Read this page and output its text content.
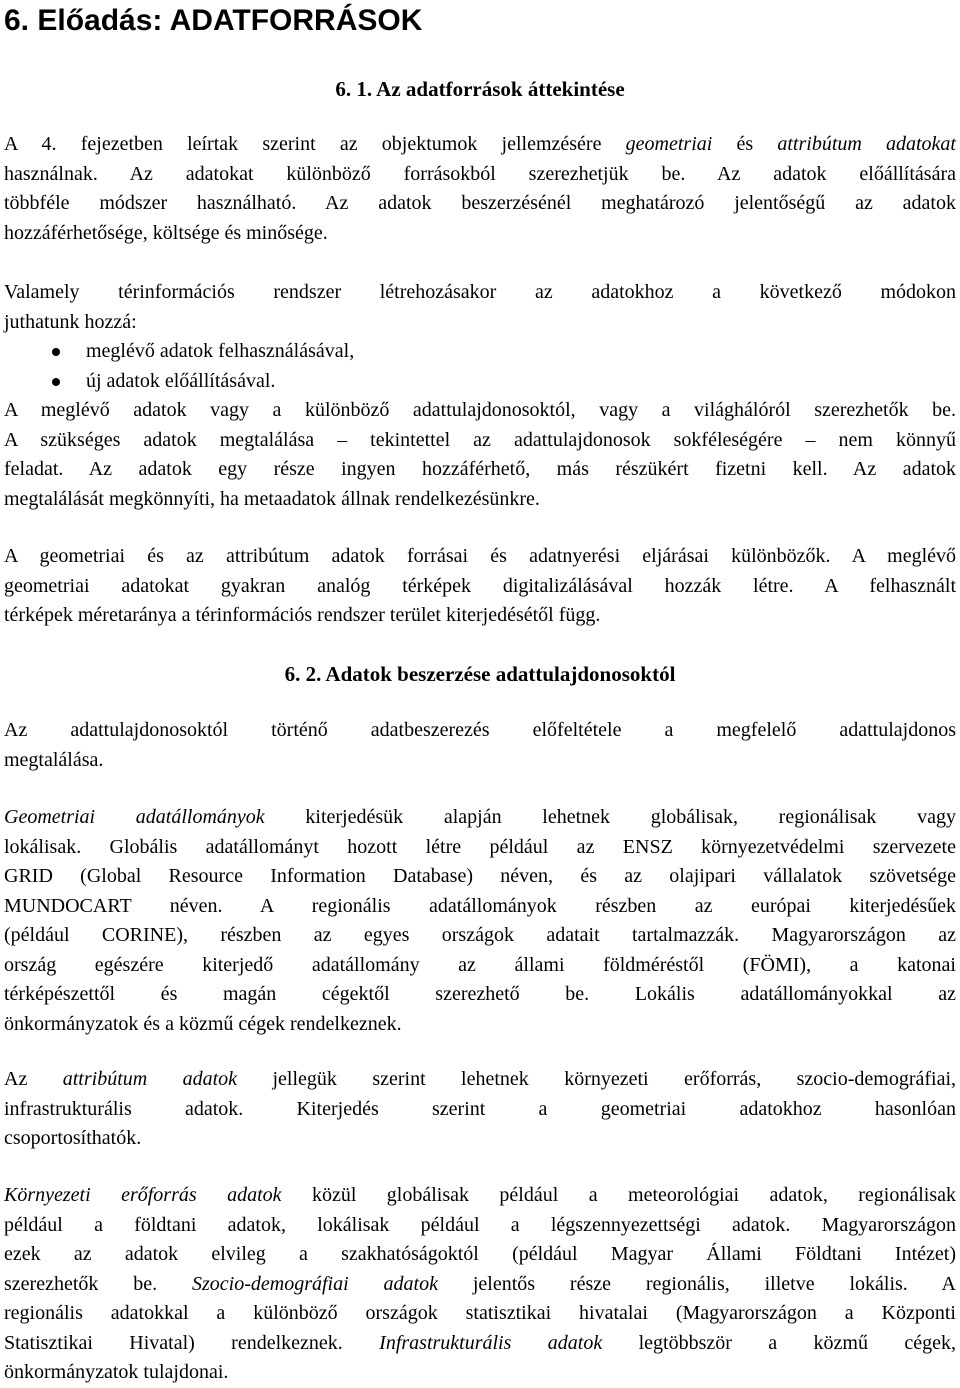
6. Előadás: ADATFORRÁSOK
6. 1. Az adatforrások áttekintése
A 4. fejezetben leírtak szerint az objektumok jellemzésére geometriai és attribútum adatokat
használnak. Az adatokat különböző forrásokból szerezhetjük be. Az adatok előállítására
többféle módszer használható. Az adatok beszerzésénél meghatározó jelentőségű az adatok
hozzáférhetősége, költsége és minősége.
Valamely térinformációs rendszer létrehozásakor az adatokhoz a következő módokon
juthatunk hozzá:
meglévő adatok felhasználásával,
új adatok előállításával.
A meglévő adatok vagy a különböző adattulajdonosoktól, vagy a világhálóról szerezhetők be.
A szükséges adatok megtalálása – tekintettel az adattulajdonosok sokféleségére – nem könnyű
feladat. Az adatok egy része ingyen hozzáférhető, más részükért fizetni kell. Az adatok
megtalálását megkönnyíti, ha metaadatok állnak rendelkezésünkre.
A geometriai és az attribútum adatok forrásai és adatnyerési eljárásai különbözők. A meglévő
geometriai adatokat gyakran analóg térképek digitalizálásával hozzák létre. A felhasznált
térképek méretaránya a térinformációs rendszer terület kiterjedésétől függ.
6. 2. Adatok beszerzése adattulajdonosoktól
Az adattulajdonosoktól történő adatbeszerezés előfeltétele a megfelelő adattulajdonos
megtalálása.
Geometriai adatállományok kiterjedésük alapján lehetnek globálisak, regionálisak vagy
lokálisak. Globális adatállományt hozott létre például az ENSZ környezetvédelmi szervezete
GRID (Global Resource Information Database) néven, és az olajipari vállalatok szövetsége
MUNDOCART néven. A regionális adatállományok részben az európai kiterjedésűek
(például CORINE), részben az egyes országok adatait tartalmazzák. Magyarországon az
ország egészére kiterjedő adatállomány az állami földméréstől (FÖMI), a katonai
térképészettől és magán cégektől szerezhető be. Lokális adatállományokkal az
önkormányzatok és a közmű cégek rendelkeznek.
Az attribútum adatok jellegük szerint lehetnek környezeti erőforrás, szocio-demográfiai,
infrastrukturális adatok. Kiterjedés szerint a geometriai adatokhoz hasonlóan
csoportosíthatók.
Környezeti erőforrás adatok közül globálisak például a meteorológiai adatok, regionálisak
például a földtani adatok, lokálisak például a légszennyezettségi adatok. Magyarországon
ezek az adatok elvileg a szakhatóságoktól (például Magyar Állami Földtani Intézet)
szerezhetők be. Szocio-demográfiai adatok jelentős része regionális, illetve lokális. A
regionális adatokkal a különböző országok statisztikai hivatalai (Magyarországon a Központi
Statisztikai Hivatal) rendelkeznek. Infrastrukturális adatok legtöbbször a közmű cégek,
önkormányzatok tulajdonai.
